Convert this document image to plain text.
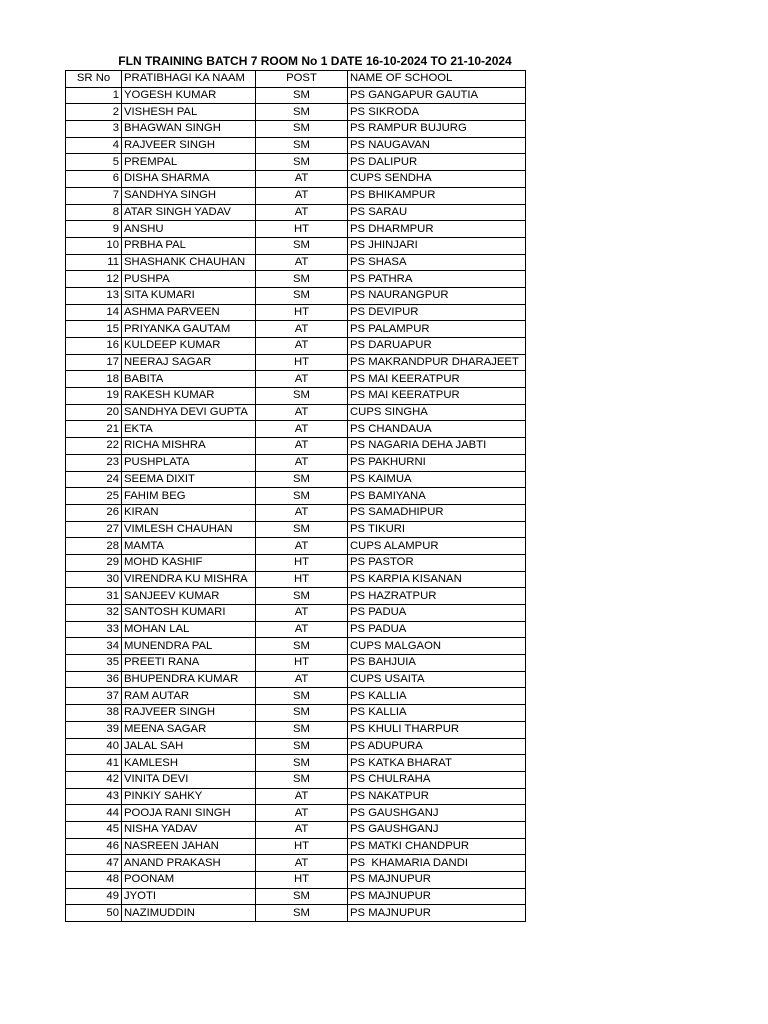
FLN TRAINING BATCH 7 ROOM No 1 DATE 16-10-2024 TO 21-10-2024
SR No	PRATIBHAGI KA NAAM	POST	NAME OF SCHOOL
1	YOGESH KUMAR	SM	PS GANGAPUR GAUTIA
2	VISHESH PAL	SM	PS SIKRODA
3	BHAGWAN SINGH	SM	PS RAMPUR BUJURG
4	RAJVEER SINGH	SM	PS NAUGAVAN
5	PREMPAL	SM	PS DALIPUR
6	DISHA SHARMA	AT	CUPS SENDHA
7	SANDHYA SINGH	AT	PS BHIKAMPUR
8	ATAR SINGH YADAV	AT	PS SARAU
9	ANSHU	HT	PS DHARMPUR
10	PRBHA PAL	SM	PS JHINJARI
11	SHASHANK CHAUHAN	AT	PS SHASA
12	PUSHPA	SM	PS PATHRA
13	SITA KUMARI	SM	PS NAURANGPUR
14	ASHMA PARVEEN	HT	PS DEVIPUR
15	PRIYANKA GAUTAM	AT	PS PALAMPUR
16	KULDEEP KUMAR	AT	PS DARUAPUR
17	NEERAJ SAGAR	HT	PS MAKRANDPUR DHARAJEET
18	BABITA	AT	PS MAI KEERATPUR
19	RAKESH KUMAR	SM	PS MAI KEERATPUR
20	SANDHYA DEVI GUPTA	AT	CUPS SINGHA
21	EKTA	AT	PS CHANDAUA
22	RICHA MISHRA	AT	PS NAGARIA DEHA JABTI
23	PUSHPLATA	AT	PS PAKHURNI
24	SEEMA DIXIT	SM	PS KAIMUA
25	FAHIM BEG	SM	PS BAMIYANA
26	KIRAN	AT	PS SAMADHIPUR
27	VIMLESH CHAUHAN	SM	PS TIKURI
28	MAMTA	AT	CUPS ALAMPUR
29	MOHD KASHIF	HT	PS PASTOR
30	VIRENDRA KU MISHRA	HT	PS KARPIA KISANAN
31	SANJEEV KUMAR	SM	PS HAZRATPUR
32	SANTOSH KUMARI	AT	PS PADUA
33	MOHAN LAL	AT	PS PADUA
34	MUNENDRA PAL	SM	CUPS MALGAON
35	PREETI RANA	HT	PS BAHJUIA
36	BHUPENDRA KUMAR	AT	CUPS USAITA
37	RAM AUTAR	SM	PS KALLIA
38	RAJVEER SINGH	SM	PS KALLIA
39	MEENA SAGAR	SM	PS KHULI THARPUR
40	JALAL SAH	SM	PS ADUPURA
41	KAMLESH	SM	PS KATKA BHARAT
42	VINITA DEVI	SM	PS CHULRAHA
43	PINKIY SAHKY	AT	PS NAKATPUR
44	POOJA RANI SINGH	AT	PS GAUSHGANJ
45	NISHA YADAV	AT	PS GAUSHGANJ
46	NASREEN JAHAN	HT	PS MATKI CHANDPUR
47	ANAND PRAKASH	AT	PS  KHAMARIA DANDI
48	POONAM	HT	PS MAJNUPUR
49	JYOTI	SM	PS MAJNUPUR
50	NAZIMUDDIN	SM	PS MAJNUPUR
